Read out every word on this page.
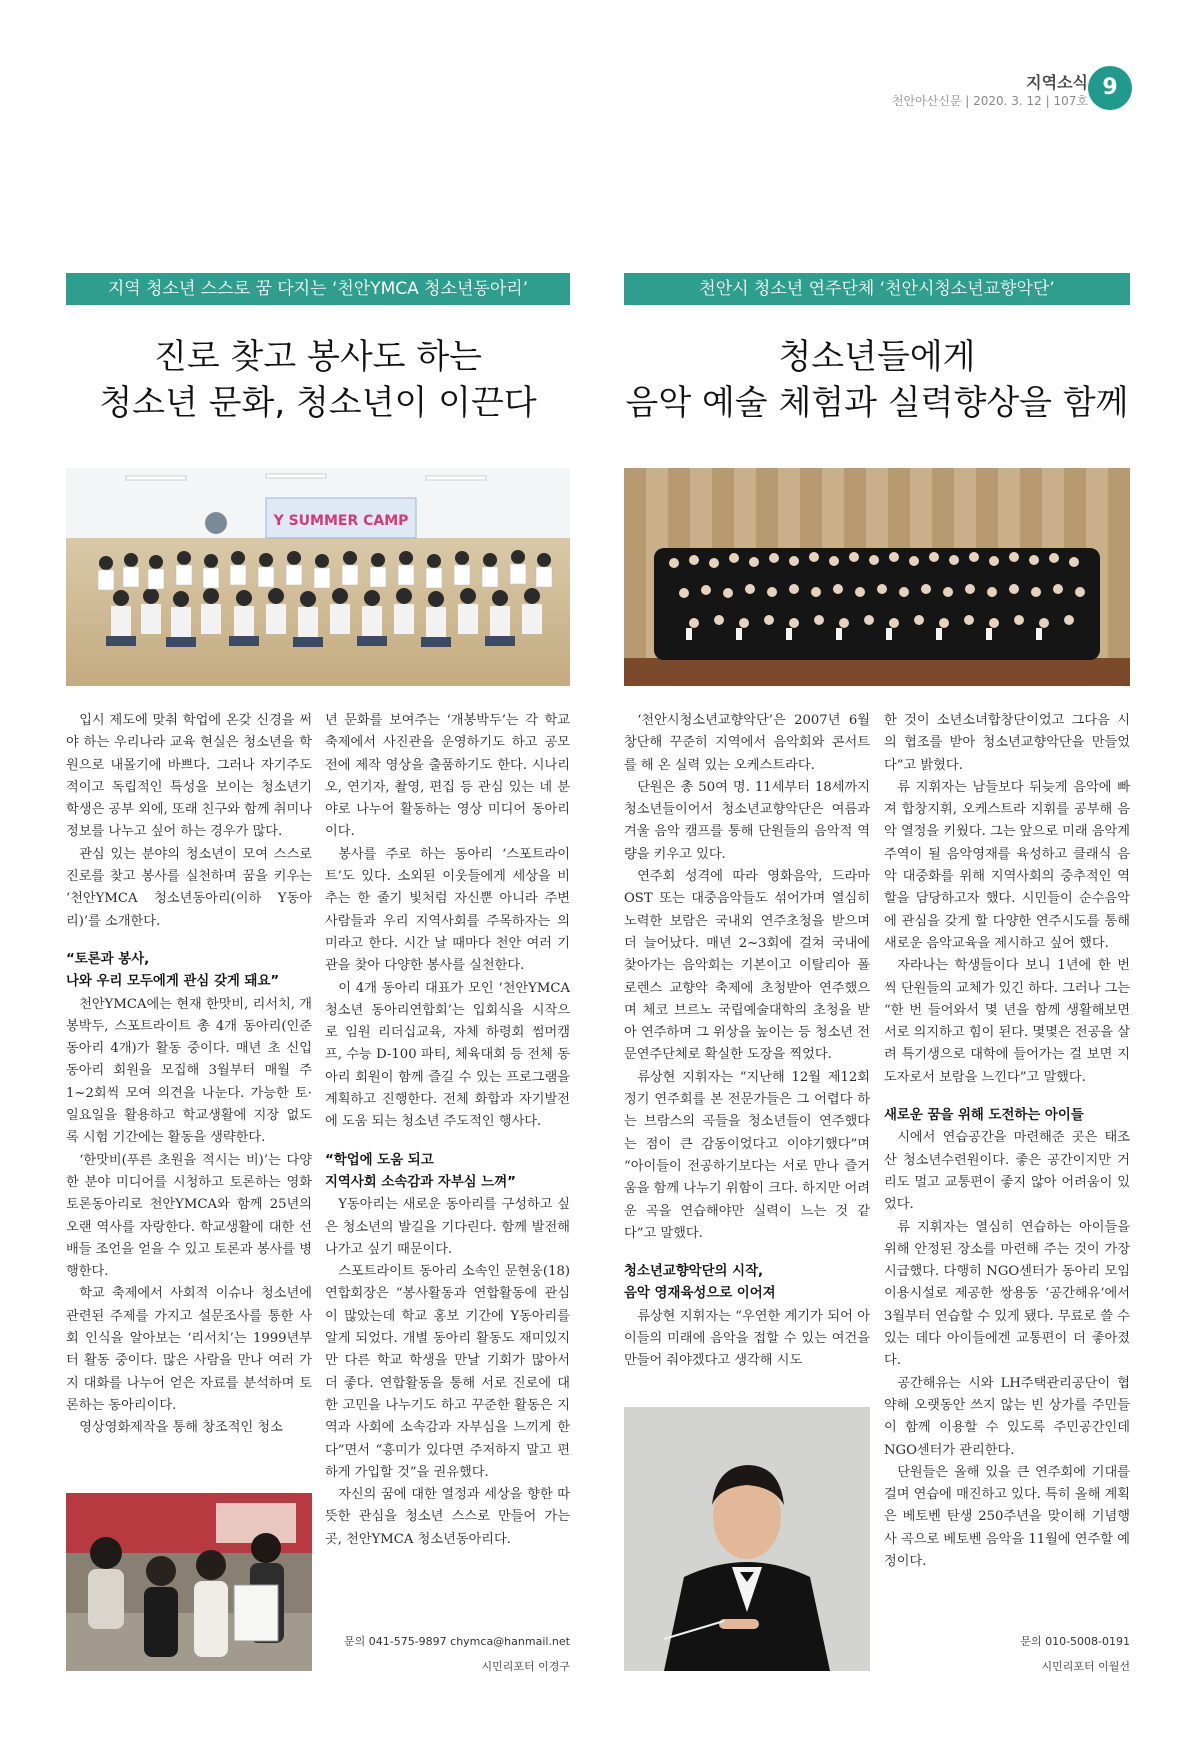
지역소식
천안아산신문 | 2020. 3. 12 | 107호
9
지역 청소년 스스로 꿈 다지는 ‘천안YMCA 청소년동아리’
진로 찾고 봉사도 하는
청소년 문화, 청소년이 이끈다
Y SUMMER CAMP

입시 제도에 맞춰 학업에 온갖 신경을 써야 하는 우리나라 교육 현실은 청소년을 학원으로 내몰기에 바쁘다. 그러나 자기주도적이고 독립적인 특성을 보이는 청소년기 학생은 공부 외에, 또래 친구와 함께 취미나 정보를 나누고 싶어 하는 경우가 많다.

관심 있는 분야의 청소년이 모여 스스로 진로를 찾고 봉사를 실천하며 꿈을 키우는 ‘천안YMCA 청소년동아리(이하 Y동아리)’를 소개한다.

“토론과 봉사,
나와 우리 모두에게 관심 갖게 돼요”

천안YMCA에는 현재 한맛비, 리서치, 개봉박두, 스포트라이트 총 4개 동아리(인준동아리 4개)가 활동 중이다. 매년 초 신입 동아리 회원을 모집해 3월부터 매월 주 1~2회씩 모여 의견을 나눈다. 가능한 토·일요일을 활용하고 학교생활에 지장 없도록 시험 기간에는 활동을 생략한다.

‘한맛비(푸른 초원을 적시는 비)’는 다양한 분야 미디어를 시청하고 토론하는 영화토론동아리로 천안YMCA와 함께 25년의 오랜 역사를 자랑한다. 학교생활에 대한 선배들 조언을 얻을 수 있고 토론과 봉사를 병행한다.

학교 축제에서 사회적 이슈나 청소년에 관련된 주제를 가지고 설문조사를 통한 사회 인식을 알아보는 ‘리서치’는 1999년부터 활동 중이다. 많은 사람을 만나 여러 가지 대화를 나누어 얻은 자료를 분석하며 토론하는 동아리이다.

영상영화제작을 통해 창조적인 청소

년 문화를 보여주는 ‘개봉박두’는 각 학교 축제에서 사진관을 운영하기도 하고 공모전에 제작 영상을 출품하기도 한다. 시나리오, 연기자, 촬영, 편집 등 관심 있는 네 분야로 나누어 활동하는 영상 미디어 동아리이다.

봉사를 주로 하는 동아리 ‘스포트라이트’도 있다. 소외된 이웃들에게 세상을 비추는 한 줄기 빛처럼 자신뿐 아니라 주변 사람들과 우리 지역사회를 주목하자는 의미라고 한다. 시간 날 때마다 천안 여러 기관을 찾아 다양한 봉사를 실천한다.

이 4개 동아리 대표가 모인 ‘천안YMCA 청소년 동아리연합회’는 입회식을 시작으로 임원 리더십교육, 자체 하령회 썸머캠프, 수능 D-100 파티, 체육대회 등 전체 동아리 회원이 함께 즐길 수 있는 프로그램을 계획하고 진행한다. 전체 화합과 자기발전에 도움 되는 청소년 주도적인 행사다.

“학업에 도움 되고
지역사회 소속감과 자부심 느껴”

Y동아리는 새로운 동아리를 구성하고 싶은 청소년의 발길을 기다린다. 함께 발전해나가고 싶기 때문이다.

스포트라이트 동아리 소속인 문현웅(18) 연합회장은 “봉사활동과 연합활동에 관심이 많았는데 학교 홍보 기간에 Y동아리를 알게 되었다. 개별 동아리 활동도 재미있지만 다른 학교 학생을 만날 기회가 많아서 더 좋다. 연합활동을 통해 서로 진로에 대한 고민을 나누기도 하고 꾸준한 활동은 지역과 사회에 소속감과 자부심을 느끼게 한다”면서 “흥미가 있다면 주저하지 말고 편하게 가입할 것”을 권유했다.

자신의 꿈에 대한 열정과 세상을 향한 따뜻한 관심을 청소년 스스로 만들어 가는 곳, 천안YMCA 청소년동아리다.

문의 041-575-9897 chymca@hanmail.net
시민리포터 이경구
천안시 청소년 연주단체 ‘천안시청소년교향악단’
청소년들에게
음악 예술 체험과 실력향상을 함께

‘천안시청소년교향악단’은 2007년 6월 창단해 꾸준히 지역에서 음악회와 콘서트를 해 온 실력 있는 오케스트라다.

단원은 총 50여 명. 11세부터 18세까지 청소년들이어서 청소년교향악단은 여름과 겨울 음악 캠프를 통해 단원들의 음악적 역량을 키우고 있다.

연주회 성격에 따라 영화음악, 드라마 OST 또는 대중음악들도 섞어가며 열심히 노력한 보람은 국내외 연주초청을 받으며 더 늘어났다. 매년 2~3회에 걸쳐 국내에 찾아가는 음악회는 기본이고 이탈리아 폴로렌스 교향악 축제에 초청받아 연주했으며 체코 브르노 국립예술대학의 초청을 받아 연주하며 그 위상을 높이는 등 청소년 전문연주단체로 확실한 도장을 찍었다.

류상현 지휘자는 “지난해 12월 제12회 정기 연주회를 본 전문가들은 그 어렵다 하는 브람스의 곡들을 청소년들이 연주했다는 점이 큰 감동이었다고 이야기했다”며 “아이들이 전공하기보다는 서로 만나 즐거움을 함께 나누기 위함이 크다. 하지만 어려운 곡을 연습해야만 실력이 느는 것 같다”고 말했다.

청소년교향악단의 시작,
음악 영재육성으로 이어져

류상현 지휘자는 “우연한 계기가 되어 아이들의 미래에 음악을 접할 수 있는 여건을 만들어 줘야겠다고 생각해 시도

한 것이 소년소녀합창단이었고 그다음 시의 협조를 받아 청소년교향악단을 만들었다”고 밝혔다.

류 지휘자는 남들보다 뒤늦게 음악에 빠져 합창지휘, 오케스트라 지휘를 공부해 음악 열정을 키웠다. 그는 앞으로 미래 음악계 주역이 될 음악영재를 육성하고 클래식 음악 대중화를 위해 지역사회의 중추적인 역할을 담당하고자 했다. 시민들이 순수음악에 관심을 갖게 할 다양한 연주시도를 통해 새로운 음악교육을 제시하고 싶어 했다.

자라나는 학생들이다 보니 1년에 한 번씩 단원들의 교체가 있긴 하다. 그러나 그는 “한 번 들어와서 몇 년을 함께 생활해보면 서로 의지하고 힘이 된다. 몇몇은 전공을 살려 특기생으로 대학에 들어가는 걸 보면 지도자로서 보람을 느낀다”고 말했다.

새로운 꿈을 위해 도전하는 아이들

시에서 연습공간을 마련해준 곳은 태조산 청소년수련원이다. 좋은 공간이지만 거리도 멀고 교통편이 좋지 않아 어려움이 있었다.

류 지휘자는 열심히 연습하는 아이들을 위해 안정된 장소를 마련해 주는 것이 가장 시급했다. 다행히 NGO센터가 동아리 모임 이용시설로 제공한 쌍용동 ‘공간해유’에서 3월부터 연습할 수 있게 됐다. 무료로 쓸 수 있는 데다 아이들에겐 교통편이 더 좋아졌다.

공간해유는 시와 LH주택관리공단이 협약해 오랫동안 쓰지 않는 빈 상가를 주민들이 함께 이용할 수 있도록 주민공간인데 NGO센터가 관리한다.

단원들은 올해 있을 큰 연주회에 기대를 걸며 연습에 매진하고 있다. 특히 올해 계획은 베토벤 탄생 250주년을 맞이해 기념행사 곡으로 베토벤 음악을 11월에 연주할 예정이다.

문의 010-5008-0191
시민리포터 이월선
